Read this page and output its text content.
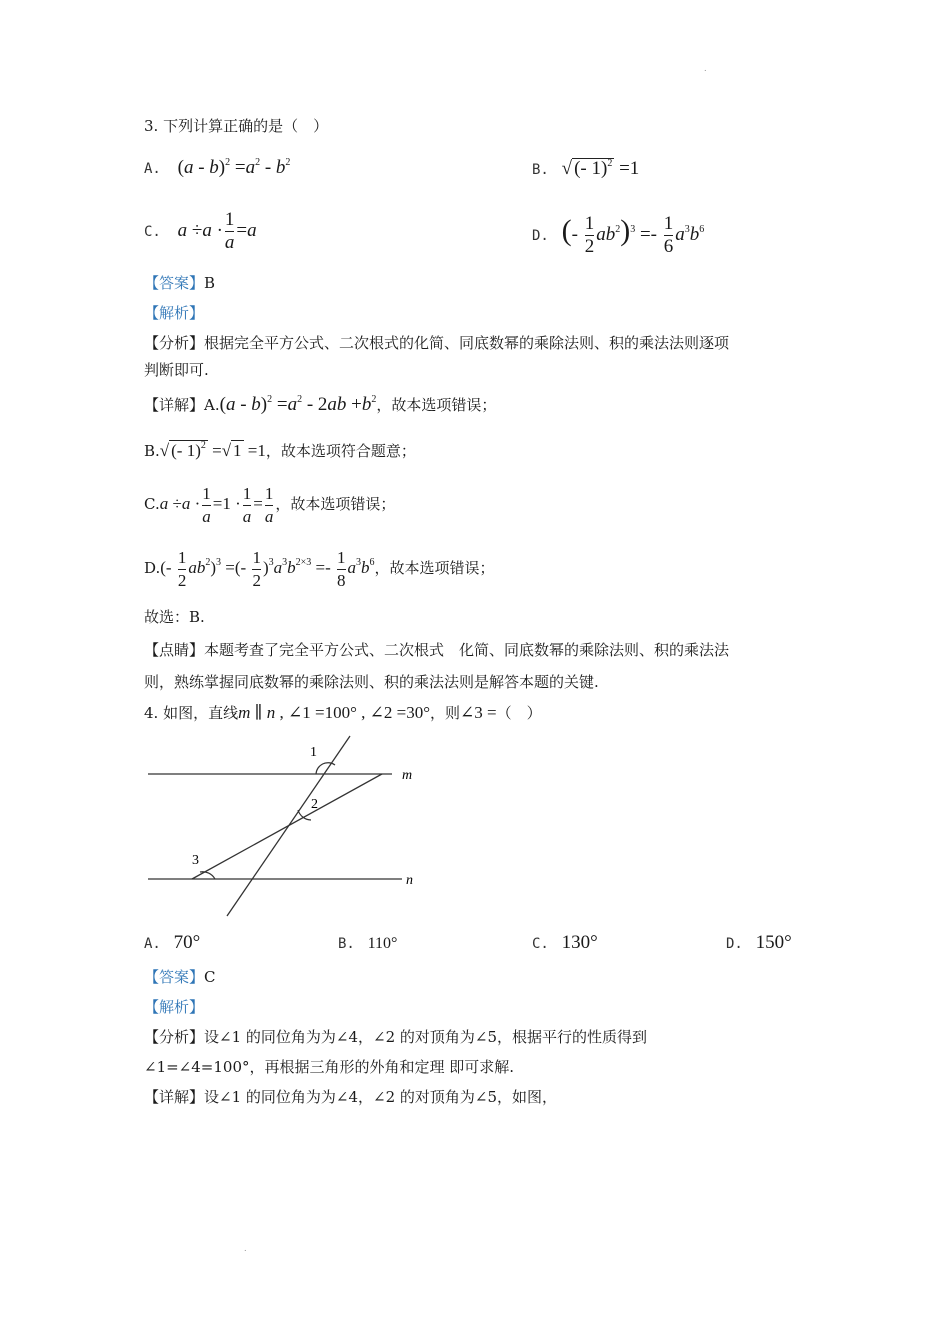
.
.
3. 下列计算正确的是（　）
A. $(a - b)^2 =a^2 - b^2$	B. √ (- 1)$^2$ =1
C. $a \div a \cdot \frac{1}{a} =a$	D. (- $\frac{1}{2} ab^2)^3 =- \frac{1}{6} a^3b^6$
【答案】B
【解析】
【分析】根据完全平方公式、二次根式的化简、同底数幂的乘除法则、积的乘法法则逐项
判断即可.
【详解】$A.(a - b)^2 =a^2 - 2ab +b^2$，故本选项错误；
B.√ (- 1)$^2$ =√ 1 =1，故本选项符合题意；
$C.a \div a \cdot \frac{1}{a} =1 \cdot \frac{1}{a} = \frac{1}{a}$ ，故本选项错误；
$D.(- \frac{1}{2} ab^2)^3$ =(- $\frac{1}{2} )^3a^3b^{2\times 3} =- \frac{1}{8} a^3b^6$，故本选项错误；
故选：B.
【点睛】本题考查了完全平方公式、二次根式　化简、同底数幂的乘除法则、积的乘法法
则，熟练掌握同底数幂的乘除法则、积的乘法法则是解答本题的关键.
4. 如图，直线m ∥ n , ∠1 =100° , ∠2 =30°，则∠3 =（　）
1
2
3
m
n
A. 70°	B. 110°	C. 130°	D. 150°
【答案】C
【解析】
【分析】设∠1 的同位角为为∠4，∠2 的对顶角为∠5，根据平行的性质得到
∠1=∠4=100°，再根据三角形的外角和定理 即可求解.
【详解】设∠1 的同位角为为∠4，∠2 的对顶角为∠5，如图，
